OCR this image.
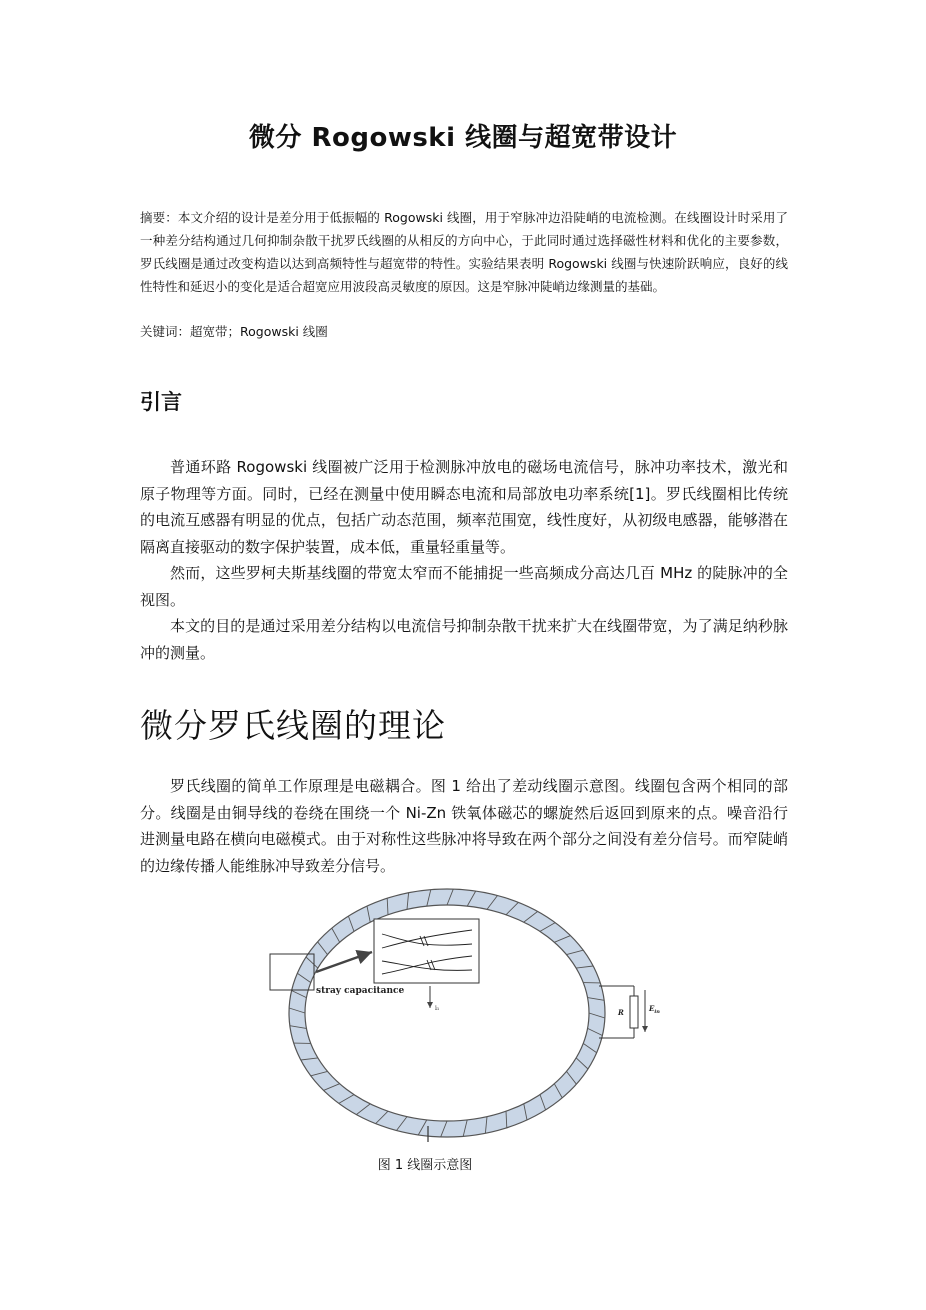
微分 Rogowski 线圈与超宽带设计

摘要：本文介绍的设计是差分用于低振幅的 Rogowski 线圈，用于窄脉冲边沿陡峭的电流检测。在线圈设计时采用了一种差分结构通过几何抑制杂散干扰罗氏线圈的从相反的方向中心，于此同时通过选择磁性材料和优化的主要参数，罗氏线圈是通过改变构造以达到高频特性与超宽带的特性。实验结果表明 Rogowski 线圈与快速阶跃响应，良好的线性特性和延迟小的变化是适合超宽应用波段高灵敏度的原因。这是窄脉冲陡峭边缘测量的基础。

关键词：超宽带；Rogowski 线圈

引言

普通环路 Rogowski 线圈被广泛用于检测脉冲放电的磁场电流信号，脉冲功率技术，激光和原子物理等方面。同时，已经在测量中使用瞬态电流和局部放电功率系统[1]。罗氏线圈相比传统的电流互感器有明显的优点，包括广动态范围，频率范围宽，线性度好，从初级电感器，能够潜在隔离直接驱动的数字保护装置，成本低，重量轻重量等。

然而，这些罗柯夫斯基线圈的带宽太窄而不能捕捉一些高频成分高达几百 MHz 的陡脉冲的全视图。

本文的目的是通过采用差分结构以电流信号抑制杂散干扰来扩大在线圈带宽，为了满足纳秒脉冲的测量。

微分罗氏线圈的理论

罗氏线圈的简单工作原理是电磁耦合。图 1 给出了差动线圈示意图。线圈包含两个相同的部分。线圈是由铜导线的卷绕在围绕一个 Ni-Zn 铁氧体磁芯的螺旋然后返回到原来的点。噪音沿行进测量电路在横向电磁模式。由于对称性这些脉冲将导致在两个部分之间没有差分信号。而窄陡峭的边缘传播人能维脉冲导致差分信号。

stray capacitance
i₁	R	$E_{in}$

图 1 线圈示意图
